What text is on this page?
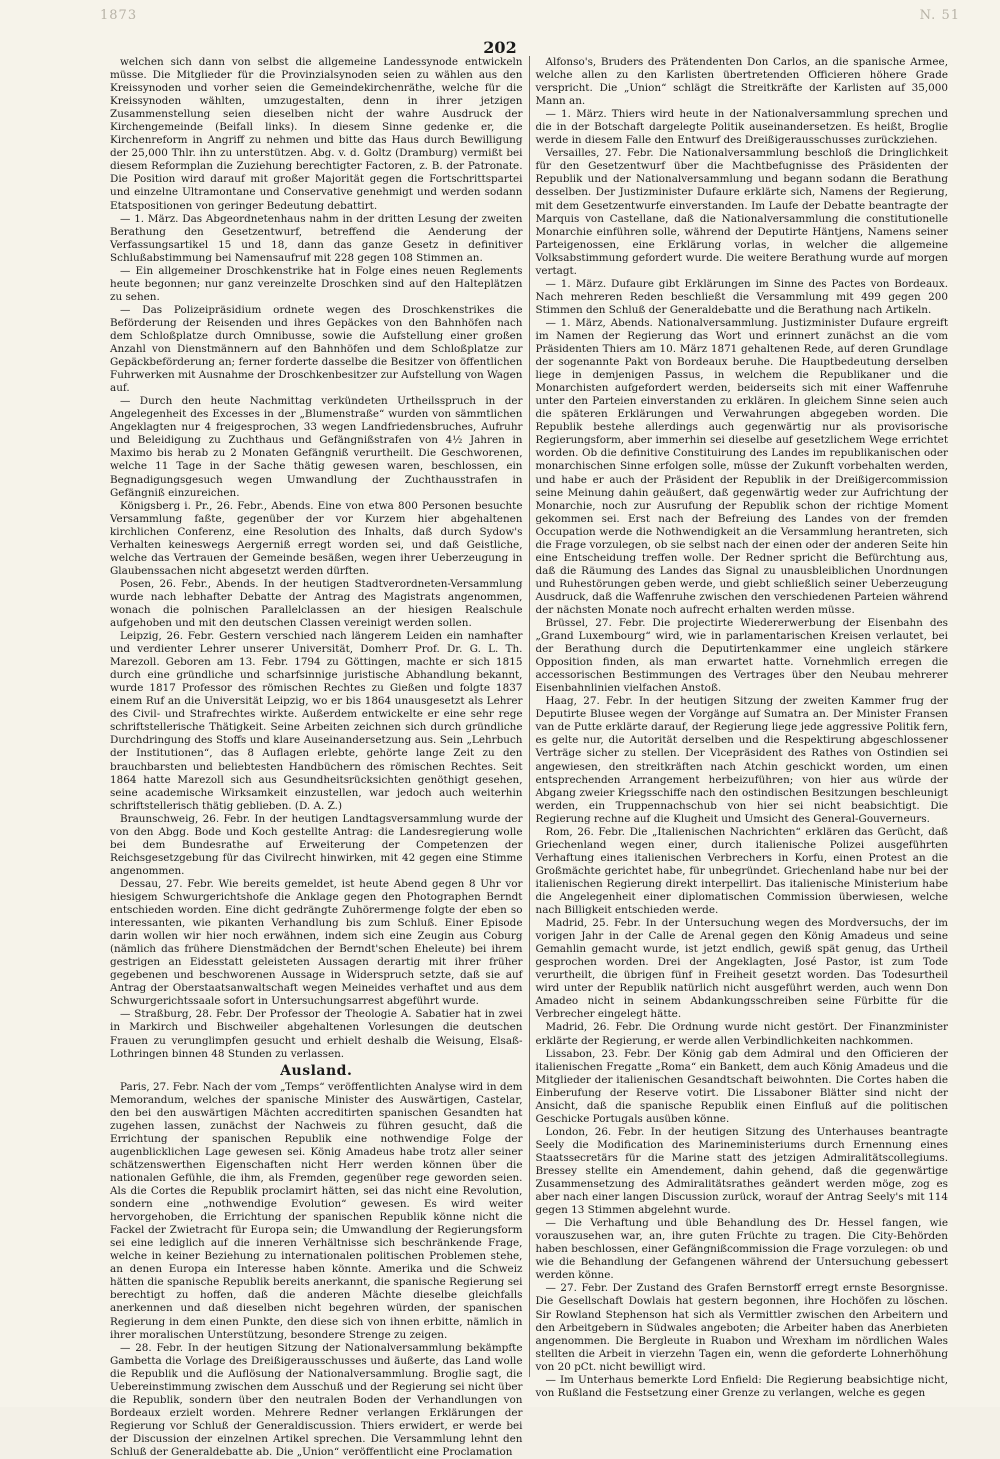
1873	N. 51
202

welchen sich dann von selbst die allgemeine Landessynode entwickeln müsse. Die Mitglieder für die Provinzialsynoden seien zu wählen aus den Kreissynoden und vorher seien die Gemeindekirchenräthe, welche für die Kreissynoden wählten, umzugestalten, denn in ihrer jetzigen Zusammenstellung seien dieselben nicht der wahre Ausdruck der Kirchengemeinde (Beifall links). In diesem Sinne gedenke er, die Kirchenreform in Angriff zu nehmen und bitte das Haus durch Bewilligung der 25,000 Thlr. ihn zu unterstützen. Abg. v. d. Goltz (Dramburg) vermißt bei diesem Reformplan die Zuziehung berechtigter Factoren, z. B. der Patronate. Die Position wird darauf mit großer Majorität gegen die Fortschrittspartei und einzelne Ultramontane und Conservative genehmigt und werden sodann Etatspositionen von geringer Bedeutung debattirt.

— 1. März. Das Abgeordnetenhaus nahm in der dritten Lesung der zweiten Berathung den Gesetzentwurf, betreffend die Aenderung der Verfassungsartikel 15 und 18, dann das ganze Gesetz in definitiver Schlußabstimmung bei Namensaufruf mit 228 gegen 108 Stimmen an.

— Ein allgemeiner Droschkenstrike hat in Folge eines neuen Reglements heute begonnen; nur ganz vereinzelte Droschken sind auf den Halteplätzen zu sehen.

— Das Polizeipräsidium ordnete wegen des Droschkenstrikes die Beförderung der Reisenden und ihres Gepäckes von den Bahnhöfen nach dem Schloßplatze durch Omnibusse, sowie die Aufstellung einer großen Anzahl von Dienstmännern auf den Bahnhöfen und dem Schloßplatze zur Gepäckbeförderung an; ferner forderte dasselbe die Besitzer von öffentlichen Fuhrwerken mit Ausnahme der Droschkenbesitzer zur Aufstellung von Wagen auf.

— Durch den heute Nachmittag verkündeten Urtheilsspruch in der Angelegenheit des Excesses in der „Blumenstraße“ wurden von sämmtlichen Angeklagten nur 4 freigesprochen, 33 wegen Landfriedensbruches, Aufruhr und Beleidigung zu Zuchthaus und Gefängnißstrafen von 4½ Jahren in Maximo bis herab zu 2 Monaten Gefängniß verurtheilt. Die Geschworenen, welche 11 Tage in der Sache thätig gewesen waren, beschlossen, ein Begnadigungsgesuch wegen Umwandlung der Zuchthausstrafen in Gefängniß einzureichen.

Königsberg i. Pr., 26. Febr., Abends. Eine von etwa 800 Personen besuchte Versammlung faßte, gegenüber der vor Kurzem hier abgehaltenen kirchlichen Conferenz, eine Resolution des Inhalts, daß durch Sydow's Verhalten keineswegs Aergerniß erregt worden sei, und daß Geistliche, welche das Vertrauen der Gemeinde besäßen, wegen ihrer Ueberzeugung in Glaubenssachen nicht abgesetzt werden dürften.

Posen, 26. Febr., Abends. In der heutigen Stadtverordneten-Versammlung wurde nach lebhafter Debatte der Antrag des Magistrats angenommen, wonach die polnischen Parallelclassen an der hiesigen Realschule aufgehoben und mit den deutschen Classen vereinigt werden sollen.

Leipzig, 26. Febr. Gestern verschied nach längerem Leiden ein namhafter und verdienter Lehrer unserer Universität, Domherr Prof. Dr. G. L. Th. Marezoll. Geboren am 13. Febr. 1794 zu Göttingen, machte er sich 1815 durch eine gründliche und scharfsinnige juristische Abhandlung bekannt, wurde 1817 Professor des römischen Rechtes zu Gießen und folgte 1837 einem Ruf an die Universität Leipzig, wo er bis 1864 unausgesetzt als Lehrer des Civil- und Strafrechtes wirkte. Außerdem entwickelte er eine sehr rege schriftstellerische Thätigkeit. Seine Arbeiten zeichnen sich durch gründliche Durchdringung des Stoffs und klare Auseinandersetzung aus. Sein „Lehrbuch der Institutionen“, das 8 Auflagen erlebte, gehörte lange Zeit zu den brauchbarsten und beliebtesten Handbüchern des römischen Rechtes. Seit 1864 hatte Marezoll sich aus Gesundheitsrücksichten genöthigt gesehen, seine academische Wirksamkeit einzustellen, war jedoch auch weiterhin schriftstellerisch thätig geblieben. (D. A. Z.)

Braunschweig, 26. Febr. In der heutigen Landtagsversammlung wurde der von den Abgg. Bode und Koch gestellte Antrag: die Landesregierung wolle bei dem Bundesrathe auf Erweiterung der Competenzen der Reichsgesetzgebung für das Civilrecht hinwirken, mit 42 gegen eine Stimme angenommen.

Dessau, 27. Febr. Wie bereits gemeldet, ist heute Abend gegen 8 Uhr vor hiesigem Schwurgerichtshofe die Anklage gegen den Photographen Berndt entschieden worden. Eine dicht gedrängte Zuhörermenge folgte der eben so interessanten, wie pikanten Verhandlung bis zum Schluß. Einer Episode darin wollen wir hier noch erwähnen, indem sich eine Zeugin aus Coburg (nämlich das frühere Dienstmädchen der Berndt'schen Eheleute) bei ihrem gestrigen an Eidesstatt geleisteten Aussagen derartig mit ihrer früher gegebenen und beschworenen Aussage in Widerspruch setzte, daß sie auf Antrag der Oberstaatsanwaltschaft wegen Meineides verhaftet und aus dem Schwurgerichtssaale sofort in Untersuchungsarrest abgeführt wurde.

— Straßburg, 28. Febr. Der Professor der Theologie A. Sabatier hat in zwei in Markirch und Bischweiler abgehaltenen Vorlesungen die deutschen Frauen zu verunglimpfen gesucht und erhielt deshalb die Weisung, Elsaß-Lothringen binnen 48 Stunden zu verlassen.

Ausland.

Paris, 27. Febr. Nach der vom „Temps“ veröffentlichten Analyse wird in dem Memorandum, welches der spanische Minister des Auswärtigen, Castelar, den bei den auswärtigen Mächten accreditirten spanischen Gesandten hat zugehen lassen, zunächst der Nachweis zu führen gesucht, daß die Errichtung der spanischen Republik eine nothwendige Folge der augenblicklichen Lage gewesen sei. König Amadeus habe trotz aller seiner schätzenswerthen Eigenschaften nicht Herr werden können über die nationalen Gefühle, die ihm, als Fremden, gegenüber rege geworden seien. Als die Cortes die Republik proclamirt hätten, sei das nicht eine Revolution, sondern eine „nothwendige Evolution“ gewesen. Es wird weiter hervorgehoben, die Errichtung der spanischen Republik könne nicht die Fackel der Zwietracht für Europa sein; die Umwandlung der Regierungsform sei eine lediglich auf die inneren Verhältnisse sich beschränkende Frage, welche in keiner Beziehung zu internationalen politischen Problemen stehe, an denen Europa ein Interesse haben könnte. Amerika und die Schweiz hätten die spanische Republik bereits anerkannt, die spanische Regierung sei berechtigt zu hoffen, daß die anderen Mächte dieselbe gleichfalls anerkennen und daß dieselben nicht begehren würden, der spanischen Regierung in dem einen Punkte, den diese sich von ihnen erbitte, nämlich in ihrer moralischen Unterstützung, besondere Strenge zu zeigen.

— 28. Febr. In der heutigen Sitzung der Nationalversammlung bekämpfte Gambetta die Vorlage des Dreißigerausschusses und äußerte, das Land wolle die Republik und die Auflösung der Nationalversammlung. Broglie sagt, die Uebereinstimmung zwischen dem Ausschuß und der Regierung sei nicht über die Republik, sondern über den neutralen Boden der Verhandlungen von Bordeaux erzielt worden. Mehrere Redner verlangen Erklärungen der Regierung vor Schluß der Generaldiscussion. Thiers erwidert, er werde bei der Discussion der einzelnen Artikel sprechen. Die Versammlung lehnt den Schluß der Generaldebatte ab. Die „Union“ veröffentlicht eine Proclamation

Alfonso's, Bruders des Prätendenten Don Carlos, an die spanische Armee, welche allen zu den Karlisten übertretenden Officieren höhere Grade verspricht. Die „Union“ schlägt die Streitkräfte der Karlisten auf 35,000 Mann an.

— 1. März. Thiers wird heute in der Nationalversammlung sprechen und die in der Botschaft dargelegte Politik auseinandersetzen. Es heißt, Broglie werde in diesem Falle den Entwurf des Dreißigerausschusses zurückziehen.

Versailles, 27. Febr. Die Nationalversammlung beschloß die Dringlichkeit für den Gesetzentwurf über die Machtbefugnisse des Präsidenten der Republik und der Nationalversammlung und begann sodann die Berathung desselben. Der Justizminister Dufaure erklärte sich, Namens der Regierung, mit dem Gesetzentwurfe einverstanden. Im Laufe der Debatte beantragte der Marquis von Castellane, daß die Nationalversammlung die constitutionelle Monarchie einführen solle, während der Deputirte Häntjens, Namens seiner Parteigenossen, eine Erklärung vorlas, in welcher die allgemeine Volksabstimmung gefordert wurde. Die weitere Berathung wurde auf morgen vertagt.

— 1. März. Dufaure gibt Erklärungen im Sinne des Pactes von Bordeaux. Nach mehreren Reden beschließt die Versammlung mit 499 gegen 200 Stimmen den Schluß der Generaldebatte und die Berathung nach Artikeln.

— 1. März, Abends. Nationalversammlung. Justizminister Dufaure ergreift im Namen der Regierung das Wort und erinnert zunächst an die vom Präsidenten Thiers am 10. März 1871 gehaltenen Rede, auf deren Grundlage der sogenannte Pakt von Bordeaux beruhe. Die Hauptbedeutung derselben liege in demjenigen Passus, in welchem die Republikaner und die Monarchisten aufgefordert werden, beiderseits sich mit einer Waffenruhe unter den Parteien einverstanden zu erklären. In gleichem Sinne seien auch die späteren Erklärungen und Verwahrungen abgegeben worden. Die Republik bestehe allerdings auch gegenwärtig nur als provisorische Regierungsform, aber immerhin sei dieselbe auf gesetzlichem Wege errichtet worden. Ob die definitive Constituirung des Landes im republikanischen oder monarchischen Sinne erfolgen solle, müsse der Zukunft vorbehalten werden, und habe er auch der Präsident der Republik in der Dreißigercommission seine Meinung dahin geäußert, daß gegenwärtig weder zur Aufrichtung der Monarchie, noch zur Ausrufung der Republik schon der richtige Moment gekommen sei. Erst nach der Befreiung des Landes von der fremden Occupation werde die Nothwendigkeit an die Versammlung herantreten, sich die Frage vorzulegen, ob sie selbst nach der einen oder der anderen Seite hin eine Entscheidung treffen wolle. Der Redner spricht die Befürchtung aus, daß die Räumung des Landes das Signal zu unausbleiblichen Unordnungen und Ruhestörungen geben werde, und giebt schließlich seiner Ueberzeugung Ausdruck, daß die Waffenruhe zwischen den verschiedenen Parteien während der nächsten Monate noch aufrecht erhalten werden müsse.

Brüssel, 27. Febr. Die projectirte Wiedererwerbung der Eisenbahn des „Grand Luxembourg“ wird, wie in parlamentarischen Kreisen verlautet, bei der Berathung durch die Deputirtenkammer eine ungleich stärkere Opposition finden, als man erwartet hatte. Vornehmlich erregen die accessorischen Bestimmungen des Vertrages über den Neubau mehrerer Eisenbahnlinien vielfachen Anstoß.

Haag, 27. Febr. In der heutigen Sitzung der zweiten Kammer frug der Deputirte Blusee wegen der Vorgänge auf Sumatra an. Der Minister Fransen van de Putte erklärte darauf, der Regierung liege jede aggressive Politik fern, es gelte nur, die Autorität derselben und die Respektirung abgeschlossener Verträge sicher zu stellen. Der Vicepräsident des Rathes von Ostindien sei angewiesen, den streitkräften nach Atchin geschickt worden, um einen entsprechenden Arrangement herbeizuführen; von hier aus würde der Abgang zweier Kriegsschiffe nach den ostindischen Besitzungen beschleunigt werden, ein Truppennachschub von hier sei nicht beabsichtigt. Die Regierung rechne auf die Klugheit und Umsicht des General-Gouverneurs.

Rom, 26. Febr. Die „Italienischen Nachrichten“ erklären das Gerücht, daß Griechenland wegen einer, durch italienische Polizei ausgeführten Verhaftung eines italienischen Verbrechers in Korfu, einen Protest an die Großmächte gerichtet habe, für unbegründet. Griechenland habe nur bei der italienischen Regierung direkt interpellirt. Das italienische Ministerium habe die Angelegenheit einer diplomatischen Commission überwiesen, welche nach Billigkeit entschieden werde.

Madrid, 25. Febr. In der Untersuchung wegen des Mordversuchs, der im vorigen Jahr in der Calle de Arenal gegen den König Amadeus und seine Gemahlin gemacht wurde, ist jetzt endlich, gewiß spät genug, das Urtheil gesprochen worden. Drei der Angeklagten, José Pastor, ist zum Tode verurtheilt, die übrigen fünf in Freiheit gesetzt worden. Das Todesurtheil wird unter der Republik natürlich nicht ausgeführt werden, auch wenn Don Amadeo nicht in seinem Abdankungsschreiben seine Fürbitte für die Verbrecher eingelegt hätte.

Madrid, 26. Febr. Die Ordnung wurde nicht gestört. Der Finanzminister erklärte der Regierung, er werde allen Verbindlichkeiten nachkommen.

Lissabon, 23. Febr. Der König gab dem Admiral und den Officieren der italienischen Fregatte „Roma“ ein Bankett, dem auch König Amadeus und die Mitglieder der italienischen Gesandtschaft beiwohnten. Die Cortes haben die Einberufung der Reserve votirt. Die Lissaboner Blätter sind nicht der Ansicht, daß die spanische Republik einen Einfluß auf die politischen Geschicke Portugals ausüben könne.

London, 26. Febr. In der heutigen Sitzung des Unterhauses beantragte Seely die Modification des Marineministeriums durch Ernennung eines Staatssecretärs für die Marine statt des jetzigen Admiralitätscollegiums. Bressey stellte ein Amendement, dahin gehend, daß die gegenwärtige Zusammensetzung des Admiralitätsrathes geändert werden möge, zog es aber nach einer langen Discussion zurück, worauf der Antrag Seely's mit 114 gegen 13 Stimmen abgelehnt wurde.

— Die Verhaftung und üble Behandlung des Dr. Hessel fangen, wie vorauszusehen war, an, ihre guten Früchte zu tragen. Die City-Behörden haben beschlossen, einer Gefängnißcommission die Frage vorzulegen: ob und wie die Behandlung der Gefangenen während der Untersuchung gebessert werden könne.

— 27. Febr. Der Zustand des Grafen Bernstorff erregt ernste Besorgnisse. Die Gesellschaft Dowlais hat gestern begonnen, ihre Hochöfen zu löschen. Sir Rowland Stephenson hat sich als Vermittler zwischen den Arbeitern und den Arbeitgebern in Südwales angeboten; die Arbeiter haben das Anerbieten angenommen. Die Bergleute in Ruabon und Wrexham im nördlichen Wales stellten die Arbeit in vierzehn Tagen ein, wenn die geforderte Lohnerhöhung von 20 pCt. nicht bewilligt wird.

— Im Unterhaus bemerkte Lord Enfield: Die Regierung beabsichtige nicht, von Rußland die Festsetzung einer Grenze zu verlangen, welche es gegen
